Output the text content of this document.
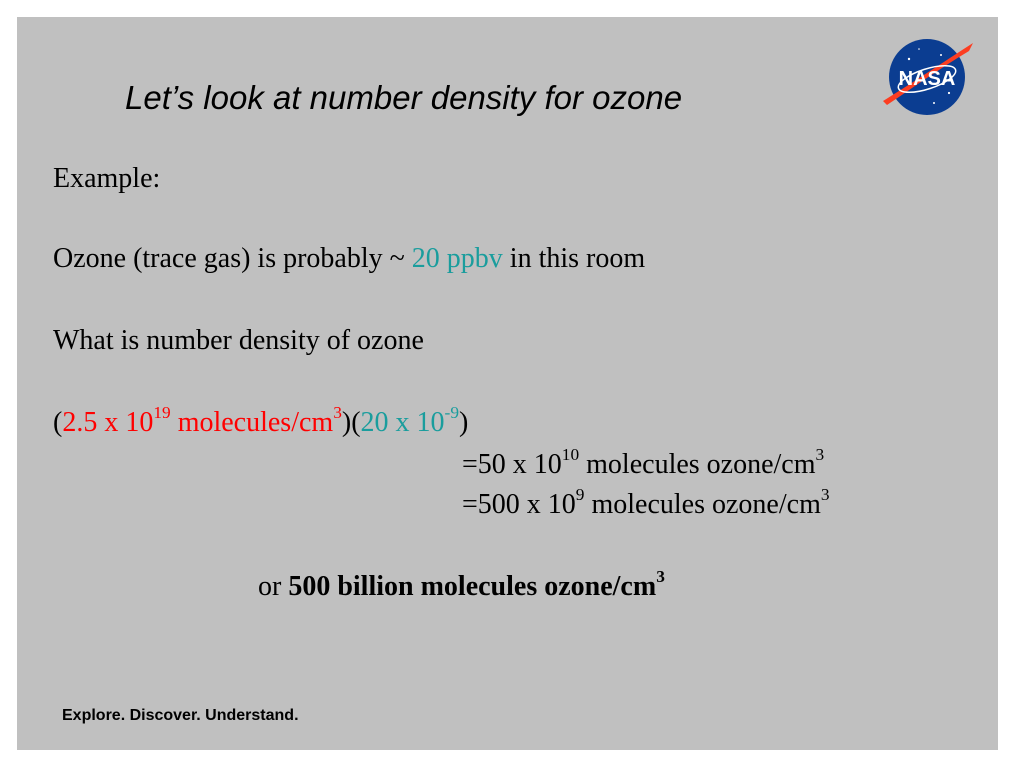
Let’s look at number density for ozone	NASA
Example:
Ozone (trace gas) is probably ~ 20 ppbv in this room
What is number density of ozone
(2.5 x $10^{19}$ molecules/$cm^3)(20$ x $10^{-9}$)
=50 x $10^{10}$ molecules ozone/$cm^3$
=500 x $10^9$ molecules ozone/$cm^3$
or 500 billion molecules ozone/$cm^3$
Explore. Discover. Understand.
